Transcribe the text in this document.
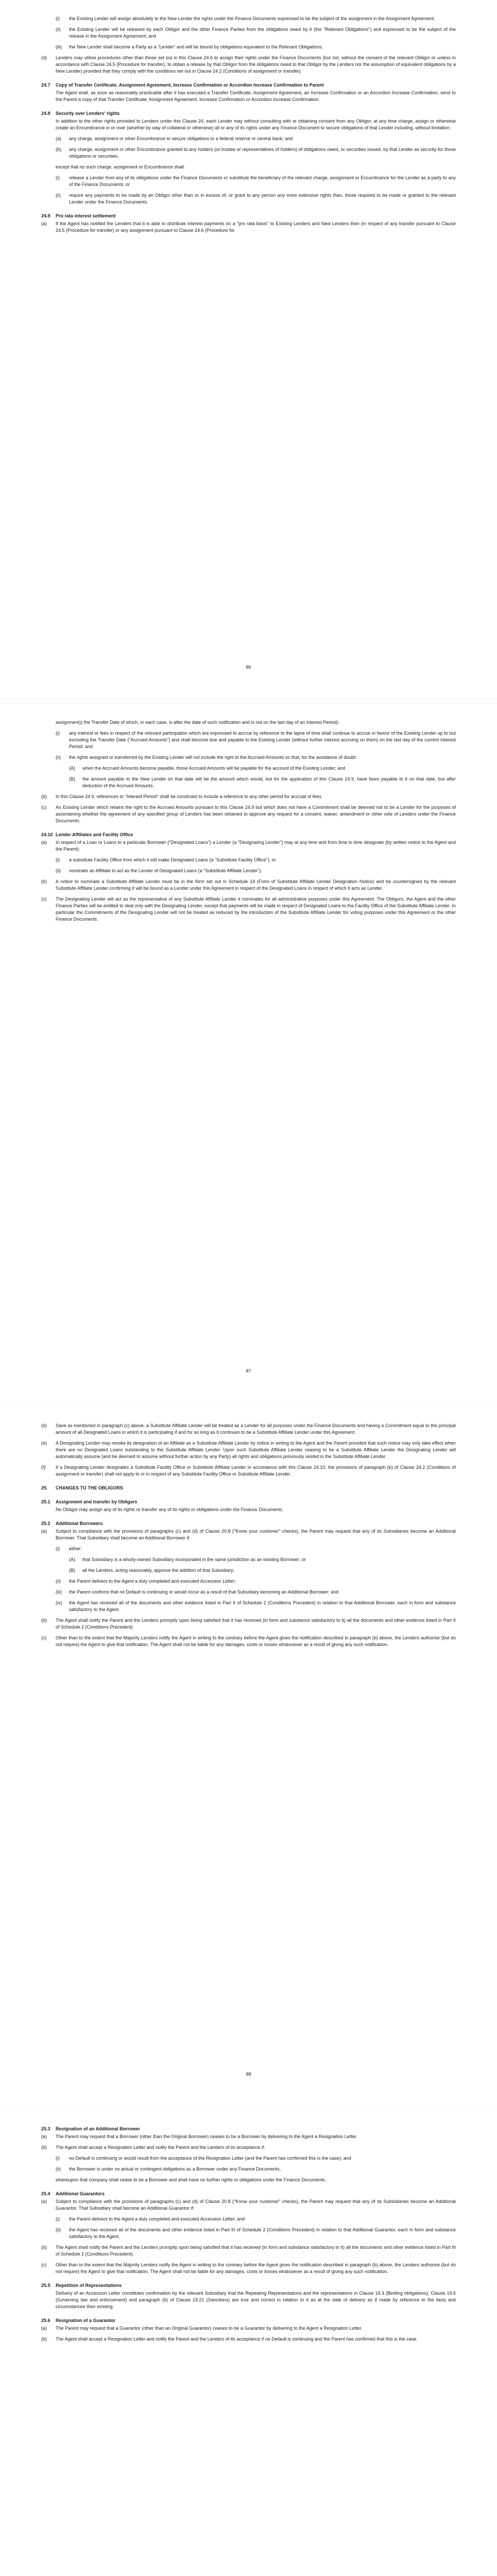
(i) the Existing Lender will assign absolutely to the New Lender the rights under the Finance Documents expressed to be the subject of the assignment in the Assignment Agreement;
(ii) the Existing Lender will be released by each Obligor and the other Finance Parties from the obligations owed by it (the "Relevant Obligations") and expressed to be the subject of the release in the Assignment Agreement; and
(iii) the New Lender shall become a Party as a "Lender" and will be bound by obligations equivalent to the Relevant Obligations.
(d) Lenders may utilise procedures other than those set out in this Clause 24.6 to assign their rights under the Finance Documents (but not, without the consent of the relevant Obligor or unless in accordance with Clause 24.5 (Procedure for transfer), to obtain a release by that Obligor from the obligations owed to that Obligor by the Lenders nor the assumption of equivalent obligations by a New Lender) provided that they comply with the conditions set out in Clause 24.2 (Conditions of assignment or transfer).
24.7 Copy of Transfer Certificate, Assignment Agreement, Increase Confirmation or Accordion Increase Confirmation to Parent
The Agent shall, as soon as reasonably practicable after it has executed a Transfer Certificate, Assignment Agreement, an Increase Confirmation or an Accordion Increase Confirmation, send to the Parent a copy of that Transfer Certificate, Assignment Agreement, Increase Confirmation or Accordion Increase Confirmation.
24.8 Security over Lenders' rights
In addition to the other rights provided to Lenders under this Clause 24, each Lender may without consulting with or obtaining consent from any Obligor, at any time charge, assign or otherwise create an Encumbrance in or over (whether by way of collateral or otherwise) all or any of its rights under any Finance Document to secure obligations of that Lender including, without limitation:
(a) any charge, assignment or other Encumbrance to secure obligations to a federal reserve or central bank; and
(b) any charge, assignment or other Encumbrance granted to any holders (or trustee or representatives of holders) of obligations owed, or securities issued, by that Lender as security for those obligations or securities,
except that no such charge, assignment or Encumbrance shall:
(i) release a Lender from any of its obligations under the Finance Documents or substitute the beneficiary of the relevant charge, assignment or Encumbrance for the Lender as a party to any of the Finance Documents; or
(ii) require any payments to be made by an Obligor other than or in excess of, or grant to any person any more extensive rights than, those required to be made or granted to the relevant Lender under the Finance Documents.
24.9 Pro rata interest settlement
(a) If the Agent has notified the Lenders that it is able to distribute interest payments on a "pro rata basis" to Existing Lenders and New Lenders then (in respect of any transfer pursuant to Clause 24.5 (Procedure for transfer) or any assignment pursuant to Clause 24.6 (Procedure for
86
assignment)) the Transfer Date of which, in each case, is after the date of such notification and is not on the last day of an Interest Period):
(i) any interest or fees in respect of the relevant participation which are expressed to accrue by reference to the lapse of time shall continue to accrue in favour of the Existing Lender up to but excluding the Transfer Date ("Accrued Amounts") and shall become due and payable to the Existing Lender (without further interest accruing on them) on the last day of the current Interest Period; and
(ii) the rights assigned or transferred by the Existing Lender will not include the right to the Accrued Amounts so that, for the avoidance of doubt:
(A) when the Accrued Amounts become payable, those Accrued Amounts will be payable for the account of the Existing Lender; and
(B) the amount payable to the New Lender on that date will be the amount which would, but for the application of this Clause 24.9, have been payable to it on that date, but after deduction of the Accrued Amounts.
(b) In this Clause 24.9, references to "Interest Period" shall be construed to include a reference to any other period for accrual of fees.
(c) An Existing Lender which retains the right to the Accrued Amounts pursuant to this Clause 24.9 but which does not have a Commitment shall be deemed not to be a Lender for the purposes of ascertaining whether the agreement of any specified group of Lenders has been obtained to approve any request for a consent, waiver, amendment or other vote of Lenders under the Finance Documents.
24.10 Lender Affiliates and Facility Office
(a) In respect of a Loan or Loans to a particular Borrower ("Designated Loans") a Lender (a "Designating Lender") may at any time and from time to time designate (by written notice to the Agent and the Parent):
(i) a substitute Facility Office from which it will make Designated Loans (a "Substitute Facility Office"); or
(ii) nominate an Affiliate to act as the Lender of Designated Loans (a "Substitute Affiliate Lender").
(b) A notice to nominate a Substitute Affiliate Lender must be in the form set out in Schedule 14 (Form of Substitute Affiliate Lender Designation Notice) and be countersigned by the relevant Substitute Affiliate Lender confirming it will be bound as a Lender under this Agreement in respect of the Designated Loans in respect of which it acts as Lender.
(c) The Designating Lender will act as the representative of any Substitute Affiliate Lender it nominates for all administrative purposes under this Agreement. The Obligors, the Agent and the other Finance Parties will be entitled to deal only with the Designating Lender, except that payments will be made in respect of Designated Loans to the Facility Office of the Substitute Affiliate Lender. In particular the Commitments of the Designating Lender will not be treated as reduced by the introduction of the Substitute Affiliate Lender for voting purposes under this Agreement or the other Finance Documents.
87
(d) Save as mentioned in paragraph (c) above, a Substitute Affiliate Lender will be treated as a Lender for all purposes under the Finance Documents and having a Commitment equal to the principal amount of all Designated Loans in which it is participating if and for so long as it continues to be a Substitute Affiliate Lender under this Agreement.
(e) A Designating Lender may revoke its designation of an Affiliate as a Substitute Affiliate Lender by notice in writing to the Agent and the Parent provided that such notice may only take effect when there are no Designated Loans outstanding to the Substitute Affiliate Lender. Upon such Substitute Affiliate Lender ceasing to be a Substitute Affiliate Lender the Designating Lender will automatically assume (and be deemed to assume without further action by any Party) all rights and obligations previously vested in the Substitute Affiliate Lender.
(f) If a Designating Lender designates a Substitute Facility Office or Substitute Affiliate Lender in accordance with this Clause 24.10, the provisions of paragraph (e) of Clause 24.2 (Conditions of assignment or transfer) shall not apply to or in respect of any Substitute Facility Office or Substitute Affiliate Lender.
25. CHANGES TO THE OBLIGORS
25.1 Assignment and transfer by Obligors
No Obligor may assign any of its rights or transfer any of its rights or obligations under the Finance Documents.
25.2 Additional Borrowers
(a) Subject to compliance with the provisions of paragraphs (c) and (d) of Clause 20.8 ("Know your customer" checks), the Parent may request that any of its Subsidiaries become an Additional Borrower. That Subsidiary shall become an Additional Borrower if:
(i) either:
(A) that Subsidiary is a wholly-owned Subsidiary incorporated in the same jurisdiction as an existing Borrower; or
(B) all the Lenders, acting reasonably, approve the addition of that Subsidiary;
(ii) the Parent delivers to the Agent a duly completed and executed Accession Letter;
(iii) the Parent confirms that no Default is continuing or would occur as a result of that Subsidiary becoming an Additional Borrower; and
(iv) the Agent has received all of the documents and other evidence listed in Part II of Schedule 2 (Conditions Precedent) in relation to that Additional Borrower, each in form and substance satisfactory to the Agent.
(b) The Agent shall notify the Parent and the Lenders promptly upon being satisfied that it has received (in form and substance satisfactory to it) all the documents and other evidence listed in Part II of Schedule 2 (Conditions Precedent).
(c) Other than to the extent that the Majority Lenders notify the Agent in writing to the contrary before the Agent gives the notification described in paragraph (b) above, the Lenders authorise (but do not require) the Agent to give that notification. The Agent shall not be liable for any damages, costs or losses whatsoever as a result of giving any such notification.
88
25.3 Resignation of an Additional Borrower
(a) The Parent may request that a Borrower (other than the Original Borrower) ceases to be a Borrower by delivering to the Agent a Resignation Letter.
(b) The Agent shall accept a Resignation Letter and notify the Parent and the Lenders of its acceptance if:
(i) no Default is continuing or would result from the acceptance of the Resignation Letter (and the Parent has confirmed this is the case); and
(ii) the Borrower is under no actual or contingent obligations as a Borrower under any Finance Documents,
whereupon that company shall cease to be a Borrower and shall have no further rights or obligations under the Finance Documents.
25.4 Additional Guarantors
(a) Subject to compliance with the provisions of paragraphs (c) and (d) of Clause 20.8 ("Know your customer" checks), the Parent may request that any of its Subsidiaries become an Additional Guarantor. That Subsidiary shall become an Additional Guarantor if:
(i) the Parent delivers to the Agent a duly completed and executed Accession Letter; and
(ii) the Agent has received all of the documents and other evidence listed in Part III of Schedule 2 (Conditions Precedent) in relation to that Additional Guarantor, each in form and substance satisfactory to the Agent.
(b) The Agent shall notify the Parent and the Lenders promptly upon being satisfied that it has received (in form and substance satisfactory to it) all the documents and other evidence listed in Part III of Schedule 2 (Conditions Precedent).
(c) Other than to the extent that the Majority Lenders notify the Agent in writing to the contrary before the Agent gives the notification described in paragraph (b) above, the Lenders authorise (but do not require) the Agent to give that notification. The Agent shall not be liable for any damages, costs or losses whatsoever as a result of giving any such notification.
25.5 Repetition of Representations
Delivery of an Accession Letter constitutes confirmation by the relevant Subsidiary that the Repeating Representations and the representations in Clause 19.3 (Binding obligations), Clause 19.6 (Governing law and enforcement) and paragraph (b) of Clause 19.21 (Sanctions) are true and correct in relation to it as at the date of delivery as if made by reference to the facts and circumstances then existing.
25.6 Resignation of a Guarantor
(a) The Parent may request that a Guarantor (other than an Original Guarantor) ceases to be a Guarantor by delivering to the Agent a Resignation Letter.
(b) The Agent shall accept a Resignation Letter and notify the Parent and the Lenders of its acceptance if no Default is continuing and the Parent has confirmed that this is the case.
